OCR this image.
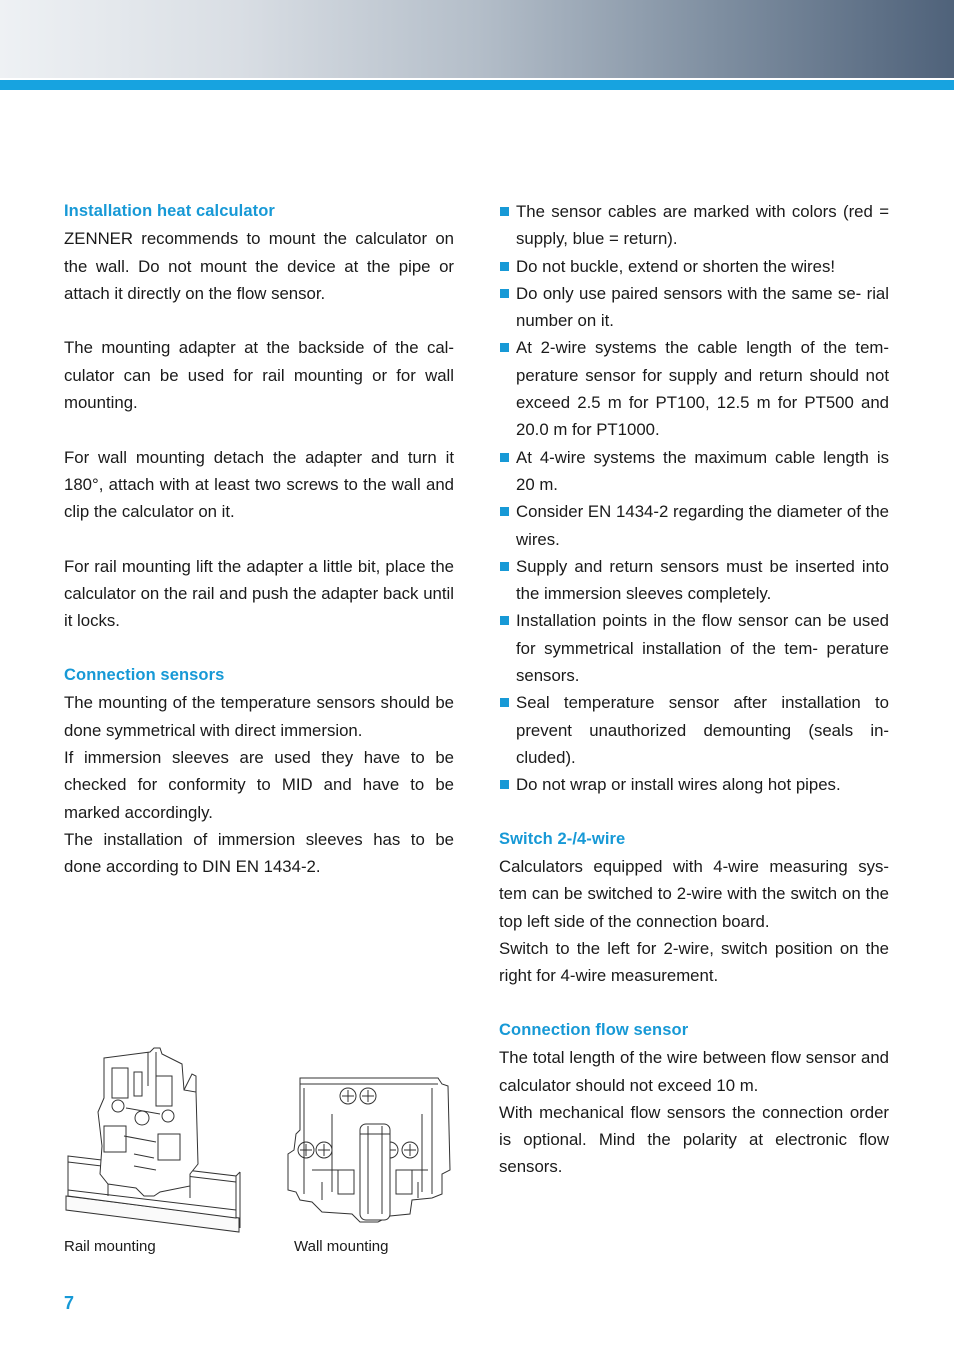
Installation heat calculator

ZENNER recommends to mount the calculator on the wall. Do not mount the device at the pipe or attach it directly on the flow sensor.

The mounting adapter at the backside of the cal- culator can be used for rail mounting or for wall mounting.

For wall mounting detach the adapter and turn it 180°, attach with at least two screws to the wall and clip the calculator on it.

For rail mounting lift the adapter a little bit, place the calculator on the rail and push the adapter back until it locks.

Connection sensors

The mounting of the temperature sensors should be done symmetrical with direct immersion.

If immersion sleeves are used they have to be checked for conformity to MID and have to be marked accordingly.

The installation of immersion sleeves has to be done according to DIN EN 1434-2.

Rail mounting	Wall mounting
The sensor cables are marked with colors (red = supply, blue = return).
Do not buckle, extend or shorten the wires!
Do only use paired sensors with the same se- rial number on it.
At 2-wire systems the cable length of the tem- perature sensor for supply and return should not exceed 2.5 m for PT100, 12.5 m for PT500 and 20.0 m for PT1000.
At 4-wire systems the maximum cable length is 20 m.
Consider EN 1434-2 regarding the diameter of the wires.
Supply and return sensors must be inserted into the immersion sleeves completely.
Installation points in the flow sensor can be used for symmetrical installation of the tem- perature sensors.
Seal temperature sensor after installation to prevent unauthorized demounting (seals in- cluded).
Do not wrap or install wires along hot pipes.
Switch 2-/4-wire

Calculators equipped with 4-wire measuring sys- tem can be switched to 2-wire with the switch on the top left side of the connection board.

Switch to the left for 2-wire, switch position on the right for 4-wire measurement.

Connection flow sensor

The total length of the wire between flow sensor and calculator should not exceed 10 m.

With mechanical flow sensors the connection order is optional. Mind the polarity at electronic flow sensors.

7
